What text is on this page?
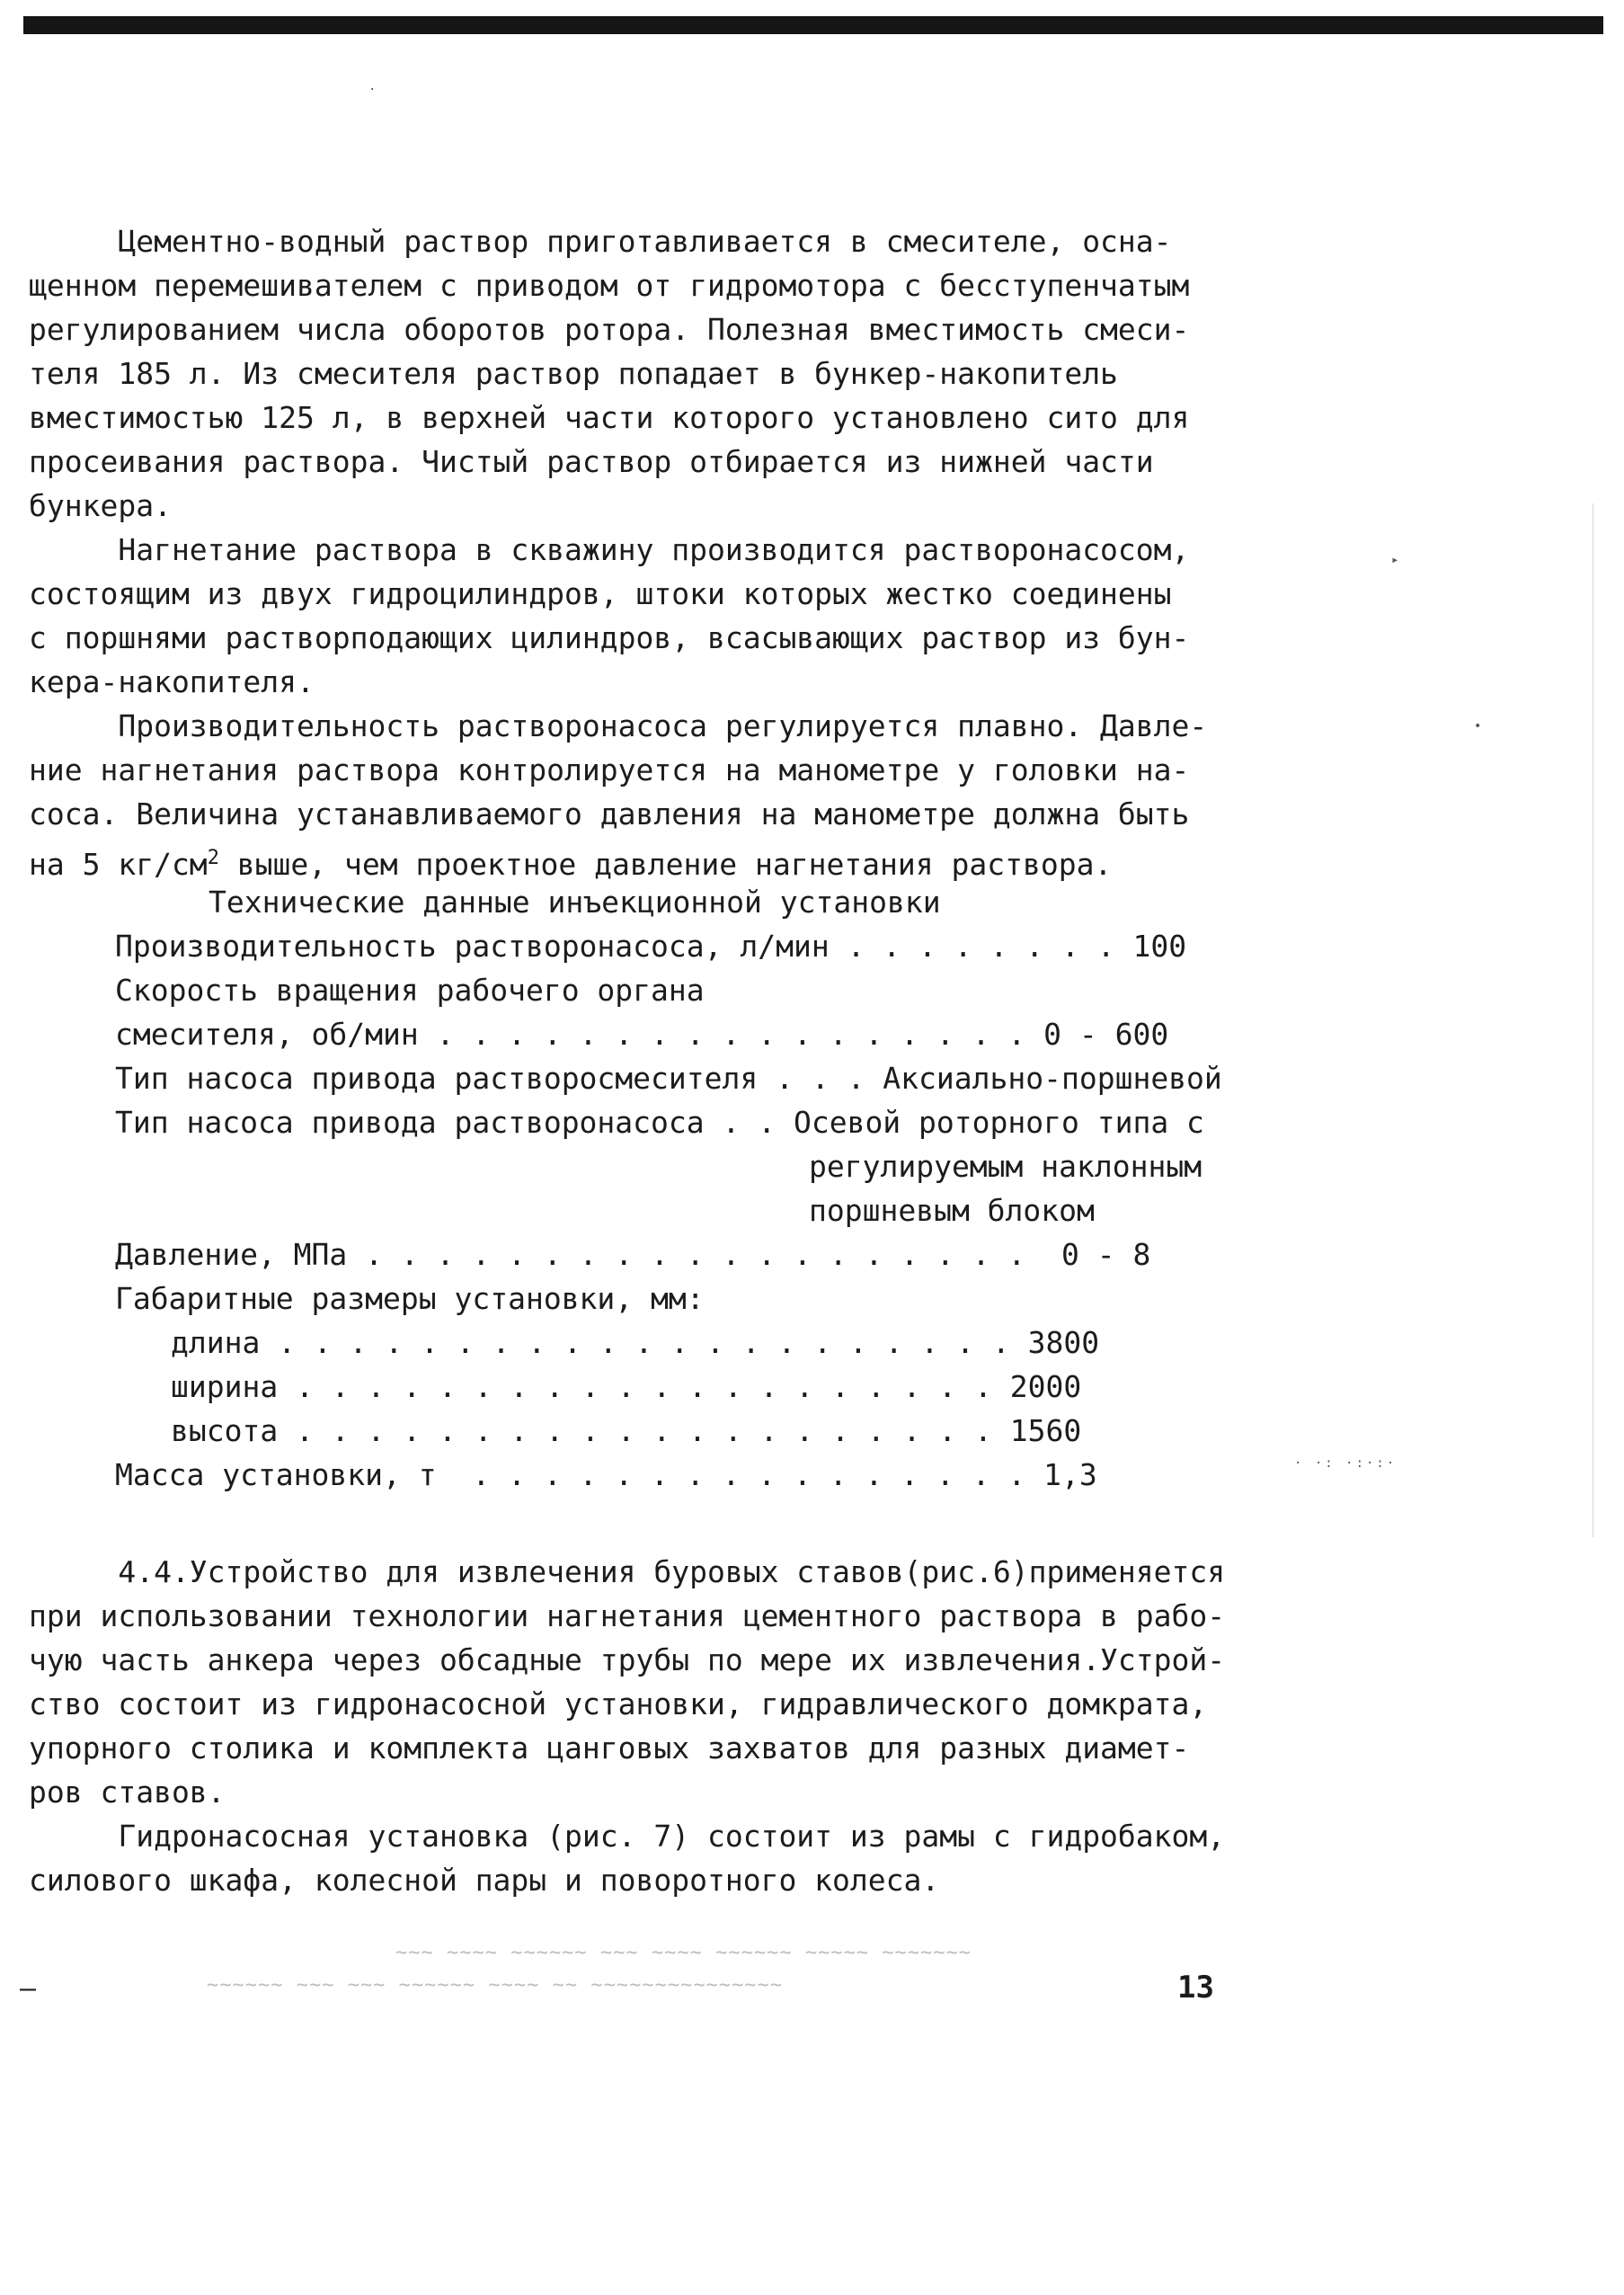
Цементно-водный раствор приготавливается в смесителе, осна-
щенном перемешивателем с приводом от гидромотора с бесступенчатым
регулированием числа оборотов ротора. Полезная вместимость смеси-
теля 185 л. Из смесителя раствор попадает в бункер-накопитель
вместимостью 125 л, в верхней части которого установлено сито для
просеивания раствора. Чистый раствор отбирается из нижней части
бункера.
Нагнетание раствора в скважину производится растворонасосом,
состоящим из двух гидроцилиндров, штоки которых жестко соединены
с поршнями растворподающих цилиндров, всасывающих раствор из бун-
кера-накопителя.
Производительность растворонасоса регулируется плавно. Давле-
ние нагнетания раствора контролируется на манометре у головки на-
соса. Величина устанавливаемого давления на манометре должна быть
на 5 $кг/см^2$ выше, чем проектное давление нагнетания раствора.
Технические данные инъекционной установки
Производительность растворонасоса, л/мин . . . . . . . . 100
Скорость вращения рабочего органа
смесителя, об/мин . . . . . . . . . . . . . . . . . 0 - 600
Тип насоса привода растворосмесителя . . . Аксиально-поршневой
Тип насоса привода растворонасоса . . Осевой роторного типа с
регулируемым наклонным
поршневым блоком
Давление, МПа . . . . . . . . . . . . . . . . . . .  0 - 8
Габаритные размеры установки, мм:
длина . . . . . . . . . . . . . . . . . . . . . 3800
ширина . . . . . . . . . . . . . . . . . . . . 2000
высота . . . . . . . . . . . . . . . . . . . . 1560
Масса установки, т  . . . . . . . . . . . . . . . . 1,3
4.4.Устройство для извлечения буровых ставов(рис.6)применяется
при использовании технологии нагнетания цементного раствора в рабо-
чую часть анкера через обсадные трубы по мере их извлечения.Устрой-
ство состоит из гидронасосной установки, гидравлического домкрата,
упорного столика и комплекта цанговых захватов для разных диамет-
ров ставов.
Гидронасосная установка (рис. 7) состоит из рамы с гидробаком,
силового шкафа, колесной пары и поворотного колеса.
~~~ ~~~~ ~~~~~~ ~~~ ~~~~ ~~~~~~ ~~~~~ ~~~~~~~
~~~~~~ ~~~ ~~~ ~~~~~~ ~~~~ ~~ ~~~~~~~~~~~~~~~
–	13
·
▸
•
· ·: ·:·:·
